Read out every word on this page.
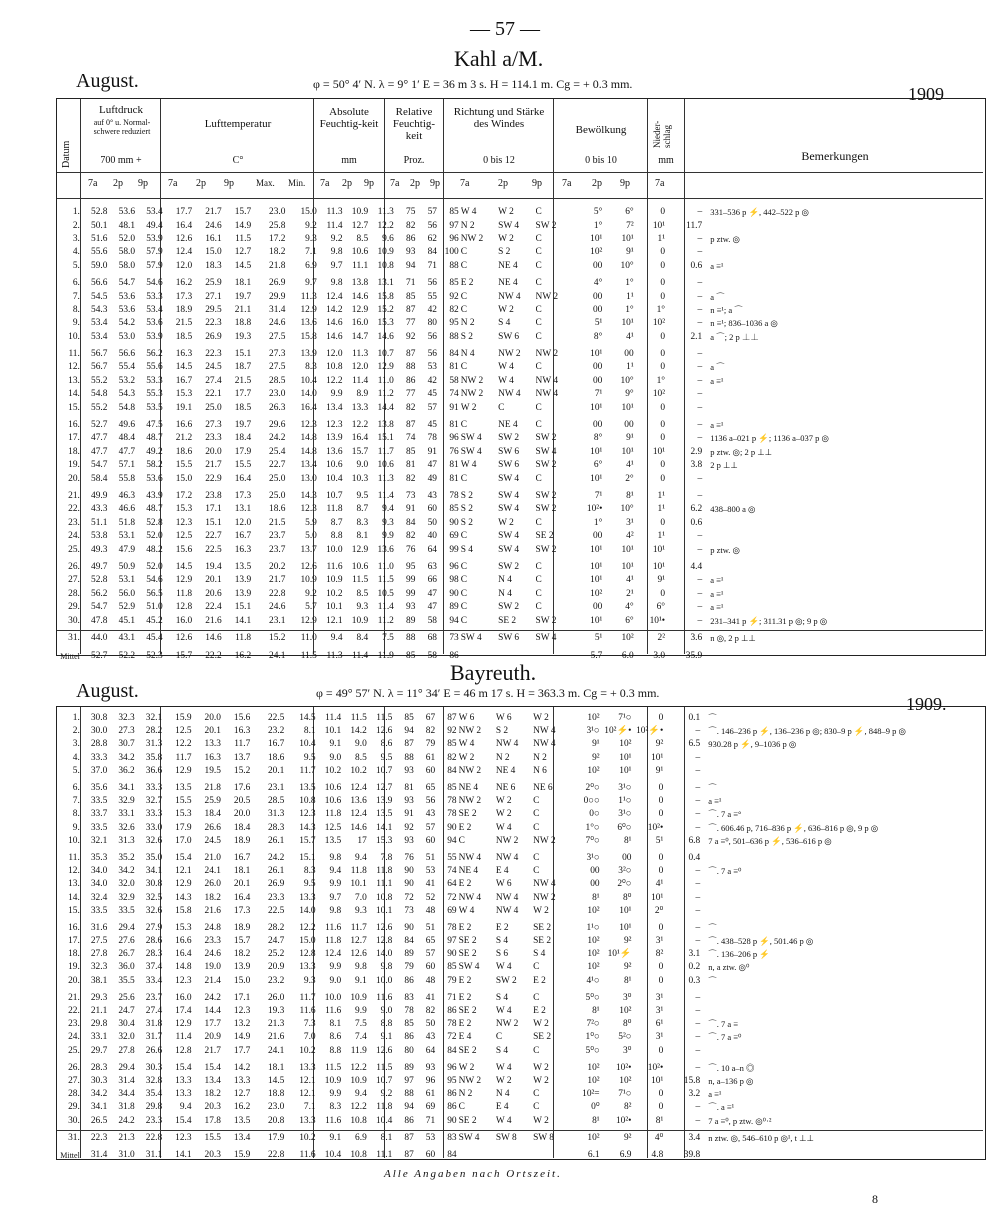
— 57 —
Kahl a/M.
August.	φ = 50° 4′ N. λ = 9° 1′ E = 36 m 3 s. H = 114.1 m. Cg = + 0.3 mm.	1909
Datum
Luftdruck
auf 0° u. Normal-schwere reduziert
700 mm +
Lufttemperatur
C°
Absolute Feuchtig-keit
mm
Relative Feuchtig-keit
Proz.
Richtung und Stärke des Windes
0 bis 12
Bewölkung
0 bis 10
Nieder-schlag
mm	Bemerkungen
7a 2p 9p 7a 2p 9p Max. Min. 7a 2p 9p 7a 2p 9p 7a	2p 9p 7a 2p 9p	7a
1.	52.8	53.6	53.4	17.7	21.7	15.7	23.0	15.0	11.3	10.9	11.3	75	57	85	W 4	W 2	C	5°	6°	0	–	331–536 p ⚡, 442–522 p ◎
2.	50.1	48.1	49.4	16.4	24.6	14.9	25.8	9.2	11.4	12.7	12.2	82	56	97	N 2	SW 4	SW 2	1°	7²	10¹	11.7	
3.	51.6	52.0	53.9	12.6	16.1	11.5	17.2	9.3	9.2	8.5	9.6	86	62	96	NW 2	W 2	C	10¹	10¹	1¹	–	p ztw. ◎
4.	55.6	58.0	57.9	12.4	15.0	12.7	18.2	7.1	9.8	10.6	10.9	93	84	100	C	S 2	C	10²	9¹	0	–	
5.	59.0	58.0	57.9	12.0	18.3	14.5	21.8	6.9	9.7	11.1	10.8	94	71	88	C	NE 4	C	00	10°	0	0.6	a ≡¹

6.	56.6	54.7	54.6	16.2	25.9	18.1	26.9	9.7	9.8	13.8	13.1	71	56	85	E 2	NE 4	C	4°	1°	0	–	
7.	54.5	53.6	53.3	17.3	27.1	19.7	29.9	11.3	12.4	14.6	15.8	85	55	92	C	NW 4	NW 2	00	1¹	0	–	a ⌒
8.	54.3	53.6	53.4	18.9	29.5	21.1	31.4	12.9	14.2	12.9	15.2	87	42	82	C	W 2	C	00	1°	1°	–	n ≡¹; a ⌒
9.	53.4	54.2	53.6	21.5	22.3	18.8	24.6	13.6	14.6	16.0	15.3	77	80	95	N 2	S 4	C	5¹	10¹	10²	–	n ≡¹; 836–1036 a ◎
10.	53.4	53.0	53.9	18.5	26.9	19.3	27.5	15.8	14.6	14.7	14.6	92	56	88	S 2	SW 6	C	8°	4¹	0	2.1	a ⌒; 2 p ⊥⊥

11.	56.7	56.6	56.2	16.3	22.3	15.1	27.3	13.9	12.0	11.3	10.7	87	56	84	N 4	NW 2	NW 2	10¹	00	0	–	
12.	56.7	55.4	55.6	14.5	24.5	18.7	27.5	8.3	10.8	12.0	12.9	88	53	81	C	W 4	C	00	1¹	0	–	a ⌒
13.	55.2	53.2	53.3	16.7	27.4	21.5	28.5	10.4	12.2	11.4	11.0	86	42	58	NW 2	W 4	NW 4	00	10°	1°	–	a ≡¹
14.	54.8	54.3	55.3	15.3	22.1	17.7	23.0	14.0	9.9	8.9	11.2	77	45	74	NW 2	NW 4	NW 4	7¹	9°	10²	–	
15.	55.2	54.8	53.5	19.1	25.0	18.5	26.3	16.4	13.4	13.3	14.4	82	57	91	W 2	C	C	10¹	10¹	0	–	

16.	52.7	49.6	47.5	16.6	27.3	19.7	29.6	12.3	12.3	12.2	13.8	87	45	81	C	NE 4	C	00	00	0	–	a ≡¹
17.	47.7	48.4	48.7	21.2	23.3	18.4	24.2	14.8	13.9	16.4	15.1	74	78	96	SW 4	SW 2	SW 2	8°	9¹	0	–	1136 a–021 p ⚡; 1136 a–037 p ◎
18.	47.7	47.7	49.2	18.6	20.0	17.9	25.4	14.8	13.6	15.7	11.7	85	91	76	SW 4	SW 6	SW 4	10¹	10¹	10¹	2.9	p ztw. ◎; 2 p ⊥⊥
19.	54.7	57.1	58.2	15.5	21.7	15.5	22.7	13.4	10.6	9.0	10.6	81	47	81	W 4	SW 6	SW 2	6°	4¹	0	3.8	2 p ⊥⊥
20.	58.4	55.8	53.6	15.0	22.9	16.4	25.0	13.0	10.4	10.3	11.3	82	49	81	C	SW 4	C	10¹	2°	0	–	

21.	49.9	46.3	43.9	17.2	23.8	17.3	25.0	14.3	10.7	9.5	11.4	73	43	78	S 2	SW 4	SW 2	7¹	8¹	1¹	–	
22.	43.3	46.6	48.7	15.3	17.1	13.1	18.6	12.3	11.8	8.7	9.4	91	60	85	S 2	SW 4	SW 2	10²•	10°	1¹	6.2	438–800 a ◎
23.	51.1	51.8	52.8	12.3	15.1	12.0	21.5	5.9	8.7	8.3	9.3	84	50	90	S 2	W 2	C	1°	3¹	0	0.6	
24.	53.8	53.1	52.0	12.5	22.7	16.7	23.7	5.0	8.8	8.1	9.9	82	40	69	C	SW 4	SE 2	00	4²	1¹	–	
25.	49.3	47.9	48.2	15.6	22.5	16.3	23.7	13.7	10.0	12.9	13.6	76	64	99	S 4	SW 4	SW 2	10¹	10¹	10¹	–	p ztw. ◎

26.	49.7	50.9	52.0	14.5	19.4	13.5	20.2	12.6	11.6	10.6	11.0	95	63	96	C	SW 2	C	10¹	10¹	10¹	4.4	
27.	52.8	53.1	54.6	12.9	20.1	13.9	21.7	10.9	10.9	11.5	11.5	99	66	98	C	N 4	C	10¹	4¹	9¹	–	a ≡¹
28.	56.2	56.0	56.5	11.8	20.6	13.9	22.8	9.2	10.2	8.5	10.5	99	47	90	C	N 4	C	10²	2¹	0	–	a ≡¹
29.	54.7	52.9	51.0	12.8	22.4	15.1	24.6	5.7	10.1	9.3	11.4	93	47	89	C	SW 2	C	00	4°	6°	–	a ≡¹
30.	47.8	45.1	45.2	16.0	21.6	14.1	23.1	12.9	12.1	10.9	11.2	89	58	94	C	SE 2	SW 2	10¹	6°	10¹•	–	231–341 p ⚡; 311.31 p ◎; 9 p ◎

31.	44.0	43.1	45.4	12.6	14.6	11.8	15.2	11.0	9.4	8.4	7.5	88	68	73	SW 4	SW 6	SW 4	5¹	10²	2²	3.6	n ◎, 2 p ⊥⊥
Mittel	52.7	52.2	52.3	15.7	22.2	16.2	24.1	11.5	11.3	11.4	11.9	85	58	86				5.7	6.0	3.0	35.9	
Bayreuth.
August.	φ = 49° 57′ N. λ = 11° 34′ E = 46 m 17 s. H = 363.3 m. Cg = + 0.3 mm.
1909.
1.	30.8	32.3	32.1	15.9	20.0	15.6	22.5	14.5	11.4	11.5	11.5	85	67	87	W 6	W 6	W 2	10²	7¹○	0	0.1	⌒
2.	30.0	27.3	28.2	12.5	20.1	16.3	23.2	8.1	10.1	14.2	12.6	94	82	92	NW 2	S 2	NW 4	3¹○	10²⚡•	10²⚡•	–	⌒. 146–236 p ⚡, 136–236 p ◎; 830–9 p ⚡, 848–9 p ◎
3.	28.8	30.7	31.3	12.2	13.3	11.7	16.7	10.4	9.1	9.0	8.6	87	79	85	W 4	NW 4	NW 4	9¹	10²	9²	6.5	930.28 p ⚡, 9–1036 p ◎
4.	33.3	34.2	35.8	11.7	16.3	13.7	18.6	9.5	9.0	8.5	9.5	88	61	82	W 2	N 2	N 2	9²	10¹	10¹	–	
5.	37.0	36.2	36.6	12.9	19.5	15.2	20.1	11.7	10.2	10.2	10.7	93	60	84	NW 2	NE 4	N 6	10²	10¹	9¹	–	

6.	35.6	34.1	33.3	13.5	21.8	17.6	23.1	13.5	10.6	12.4	12.7	81	65	85	NE 4	NE 6	NE 6	2⁰○	3¹○	0	–	⌒
7.	33.5	32.9	32.7	15.5	25.9	20.5	28.5	10.8	10.6	13.6	13.9	93	56	78	NW 2	W 2	C	0○○	1¹○	0	–	a ≡¹
8.	33.7	33.1	33.3	15.3	18.4	20.0	31.3	12.3	11.8	12.4	13.5	91	43	78	SE 2	W 2	C	0○	3¹○	0	–	⌒. 7 a ≡°
9.	33.5	32.6	33.0	17.9	26.6	18.4	28.3	14.3	12.5	14.6	14.1	92	57	90	E 2	W 4	C	1°○	6⁰○	10²•	–	⌒. 606.46 p, 716–836 p ⚡, 636–816 p ◎, 9 p ◎
10.	32.1	31.3	32.6	17.0	24.5	18.9	26.1	15.7	13.5	17	15.3	93	60	94	C	NW 2	NW 2	7⁰○	8¹	5¹	6.8	7 a ≡⁰, 501–636 p ⚡, 536–616 p ◎

11.	35.3	35.2	35.0	15.4	21.0	16.7	24.2	15.1	9.8	9.4	7.8	76	51	55	NW 4	NW 4	C	3¹○	00	0	0.4	
12.	34.0	34.2	34.1	12.1	24.1	18.1	26.1	8.3	9.4	11.8	11.8	90	53	74	NE 4	E 4	C	00	3²○	0	–	⌒. 7 a ≡⁰
13.	34.0	32.0	30.8	12.9	26.0	20.1	26.9	9.5	9.9	10.1	11.1	90	41	64	E 2	W 6	NW 4	00	2⁰○	4¹	–	
14.	32.4	32.9	32.5	14.3	18.2	16.4	23.3	13.3	9.7	7.0	10.8	72	52	72	NW 4	NW 4	NW 2	8¹	8⁰	10¹	–	
15.	33.5	33.5	32.6	15.8	21.6	17.3	22.5	14.0	9.8	9.3	10.1	73	48	69	W 4	NW 4	W 2	10²	10¹	2⁰	–	

16.	31.6	29.4	27.9	15.3	24.8	18.9	28.2	12.2	11.6	11.7	12.6	90	51	78	E 2	E 2	SE 2	1¹○	10¹	0	–	⌒
17.	27.5	27.6	28.6	16.6	23.3	15.7	24.7	15.0	11.8	12.7	12.8	84	65	97	SE 2	S 4	SE 2	10²	9²	3¹	–	⌒. 438–528 p ⚡, 501.46 p ◎
18.	27.8	26.7	28.3	16.4	24.6	18.2	25.2	12.8	12.4	12.6	14.0	89	57	90	SE 2	S 6	S 4	10²	10¹⚡	8²	3.1	⌒. 136–206 p ⚡
19.	32.3	36.0	37.4	14.8	19.0	13.9	20.9	13.3	9.9	9.8	9.8	79	60	85	SW 4	W 4	C	10²	9²	0	0.2	n, a ztw. ◎⁰
20.	38.1	35.5	33.4	12.3	21.4	15.0	23.2	9.3	9.0	9.1	10.0	86	48	79	E 2	SW 2	E 2	4¹○	8¹	0	0.3	⌒

21.	29.3	25.6	23.7	16.0	24.2	17.1	26.0	11.7	10.0	10.9	11.6	83	41	71	E 2	S 4	C	5⁰○	3⁰	3¹	–	
22.	21.1	24.7	27.4	17.4	14.4	12.3	19.3	11.6	11.6	9.9	9.0	78	82	86	SE 2	W 4	E 2	8¹	10²	3¹	–	
23.	29.8	30.4	31.8	12.9	17.7	13.2	21.3	7.3	8.1	7.5	8.8	85	50	78	E 2	NW 2	W 2	7²○	8⁰	6¹	–	⌒. 7 a ≡
24.	33.1	32.0	31.7	11.4	20.9	14.9	21.6	7.0	8.6	7.4	9.1	86	43	72	E 4	C	SE 2	1⁰○	5²○	3¹	–	⌒. 7 a ≡⁰
25.	29.7	27.8	26.6	12.8	21.7	17.7	24.1	10.2	8.8	11.9	12.6	80	64	84	SE 2	S 4	C	5⁰○	3⁰	0	–	

26.	28.3	29.4	30.3	15.4	15.4	14.2	18.1	13.3	11.5	12.2	11.5	89	93	96	W 2	W 4	W 2	10²	10²•	10²•	–	⌒. 10 a–n ◎
27.	30.3	31.4	32.8	13.3	13.4	13.3	14.5	12.1	10.9	10.9	10.7	97	96	95	NW 2	W 2	W 2	10²	10²	10¹	15.8	n, a–136 p ◎
28.	34.2	34.4	35.4	13.3	18.2	12.7	18.8	12.1	9.9	9.4	9.2	88	61	86	N 2	N 4	C	10²=	7¹○	0	3.2	a ≡¹
29.	34.1	31.8	29.8	9.4	20.3	16.2	23.0	7.1	8.3	12.2	11.8	94	69	86	C	E 4	C	0⁰	8²	0	–	⌒. a ≡¹
30.	26.5	24.2	23.3	15.4	17.8	13.5	20.8	13.3	11.6	10.8	10.4	86	71	90	SE 2	W 4	W 2	8¹	10²•	8¹	–	7 a ≡⁰, p ztw. ◎⁰·²

31.	22.3	21.3	22.8	12.3	15.5	13.4	17.9	10.2	9.1	6.9	8.1	87	53	83	SW 4	SW 8	SW 8	10²	9²	4⁰	3.4	n ztw. ◎, 546–610 p ◎¹, t ⊥⊥
Mittel	31.4	31.0	31.1	14.1	20.3	15.9	22.8	11.6	10.4	10.8	11.1	87	60	84				6.1	6.9	4.8	39.8	
Alle Angaben nach Ortszeit.
8
